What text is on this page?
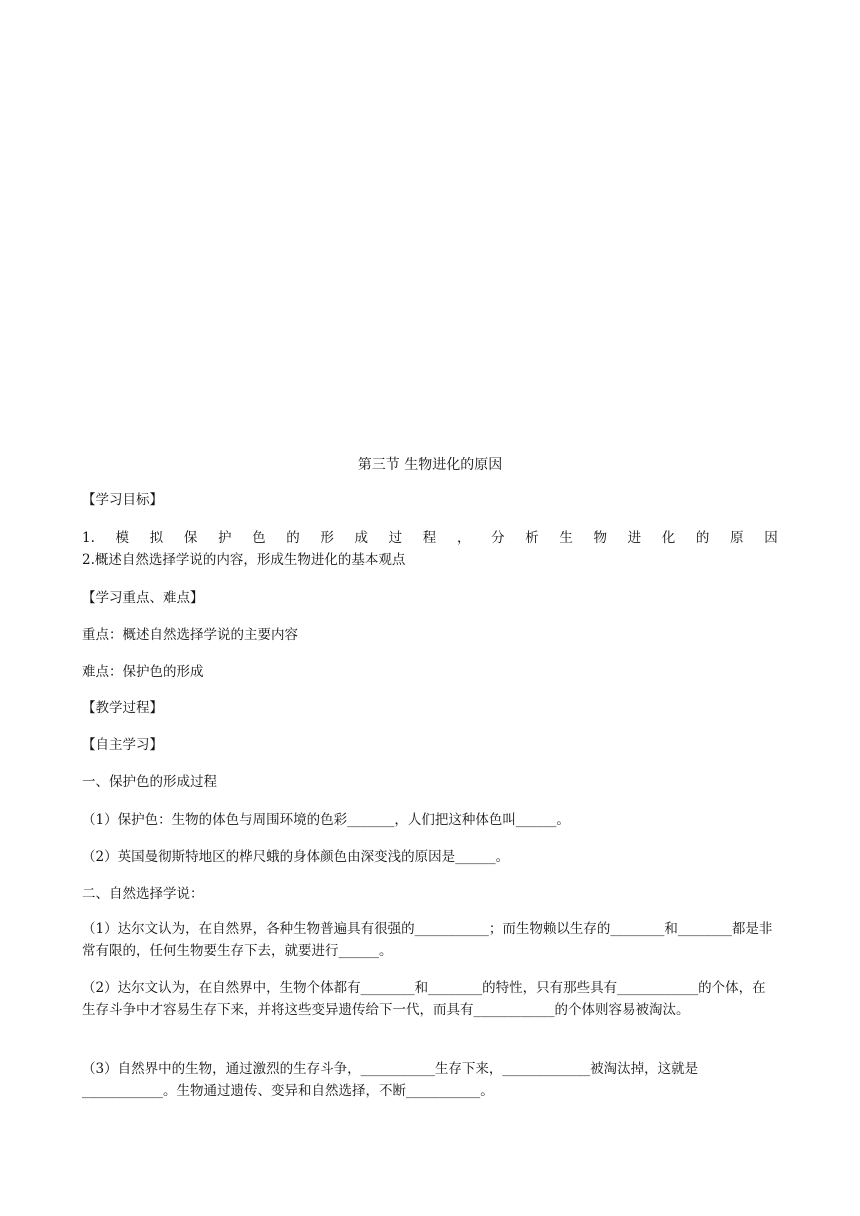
第三节 生物进化的原因
【学习目标】
1. 模 拟 保 护 色 的 形 成 过 程 ， 分 析 生 物 进 化 的 原 因
2.概述自然选择学说的内容，形成生物进化的基本观点
【学习重点、难点】
重点：概述自然选择学说的主要内容
难点：保护色的形成
【教学过程】
【自主学习】
一、保护色的形成过程
（1）保护色：生物的体色与周围环境的色彩_______，人们把这种体色叫______。
（2）英国曼彻斯特地区的桦尺蛾的身体颜色由深变浅的原因是______。
二、自然选择学说：
（1）达尔文认为，在自然界，各种生物普遍具有很强的___________；而生物赖以生存的________和________都是非常有限的，任何生物要生存下去，就要进行______。
（2）达尔文认为，在自然界中，生物个体都有________和________的特性，只有那些具有____________的个体，在生存斗争中才容易生存下来，并将这些变异遗传给下一代，而具有____________的个体则容易被淘汰。
（3）自然界中的生物，通过激烈的生存斗争，___________生存下来，_____________被淘汰掉，这就是____________。生物通过遗传、变异和自然选择，不断___________。
